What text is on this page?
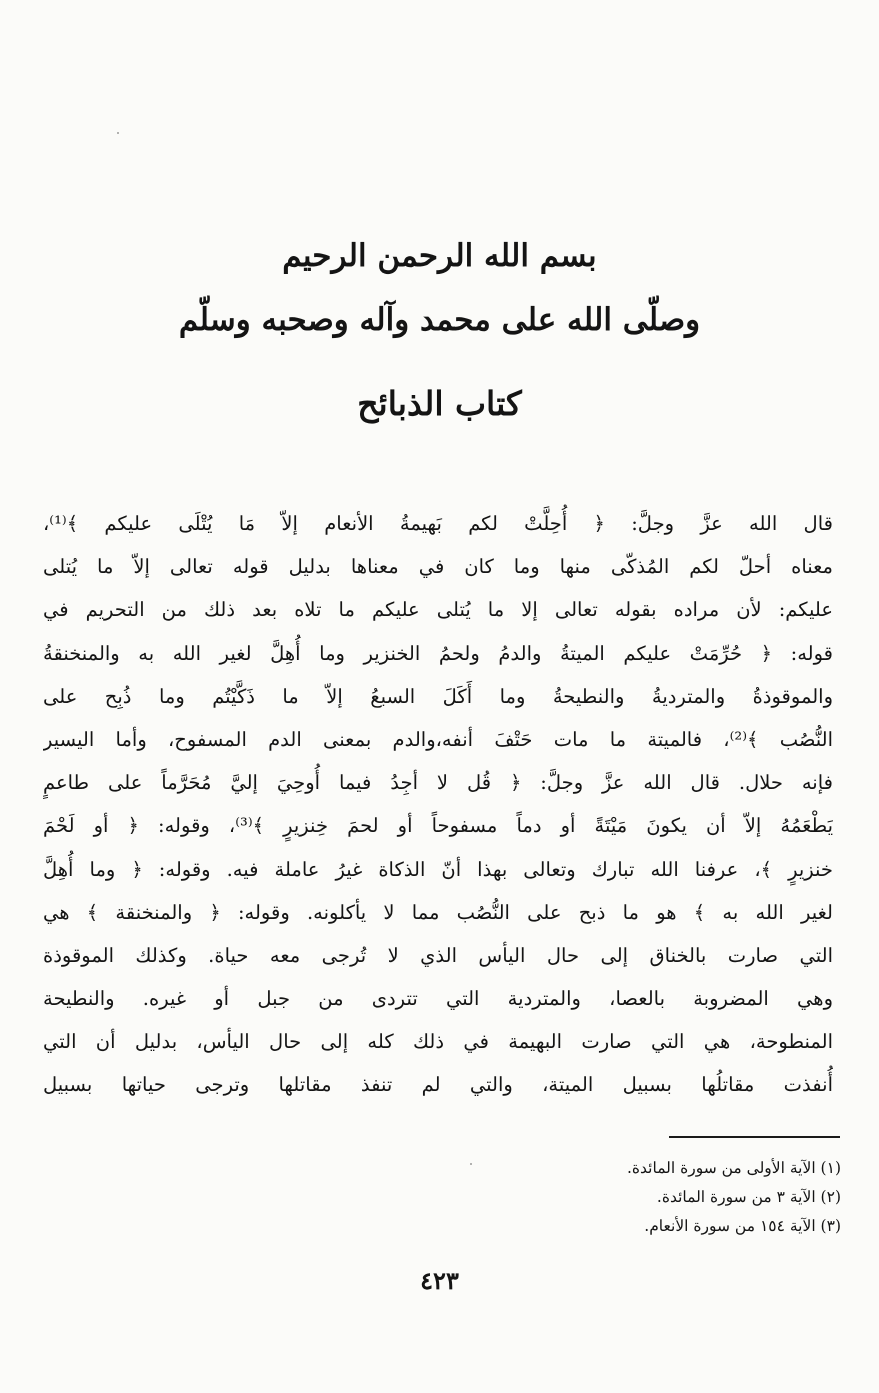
بسم الله الرحمن الرحيم
وصلّى الله على محمد وآله وصحبه وسلّم
كتاب الذبائح
قال الله عزَّ وجلَّ: ﴿ أُحِلَّتْ لكم بَهيمةُ الأنعام إلاّ مَا يُتْلَى عليكم ﴾⁽¹⁾،
معناه أحلّ لكم المُذكّى منها وما كان في معناها بدليل قوله تعالى إلاّ ما يُتلى
عليكم: لأن مراده بقوله تعالى إلا ما يُتلى عليكم ما تلاه بعد ذلك من التحريم في
قوله: ﴿ حُرِّمَتْ عليكم الميتةُ والدمُ ولحمُ الخنزير وما أُهِلَّ لغير الله به والمنخنقةُ
والموقوذةُ والمترديةُ والنطيحةُ وما أَكَلَ السبعُ إلاّ ما ذَكَّيْتُم وما ذُبِح على
النُّصُب ﴾⁽²⁾، فالميتة ما مات حَتْفَ أنفه،والدم بمعنى الدم المسفوح، وأما اليسير
فإنه حلال. قال الله عزَّ وجلَّ: ﴿ قُل لا أجِدُ فيما أُوحِيَ إليَّ مُحَرَّماً على طاعمٍ
يَطْعَمُهُ إلاّ أن يكونَ مَيْتَةً أو دماً مسفوحاً أو لحمَ خِنزيرٍ ﴾⁽³⁾، وقوله: ﴿ أو لَحْمَ
خنزيرٍ ﴾، عرفنا الله تبارك وتعالى بهذا أنّ الذكاة غيرُ عاملة فيه. وقوله: ﴿ وما أُهِلَّ
لغير الله به ﴾ هو ما ذبح على النُّصُب مما لا يأكلونه. وقوله: ﴿ والمنخنقة ﴾ هي
التي صارت بالخناق إلى حال اليأس الذي لا تُرجى معه حياة. وكذلك الموقوذة
وهي المضروبة بالعصا، والمتردية التي تتردى من جبل أو غيره. والنطيحة
المنطوحة، هي التي صارت البهيمة في ذلك كله إلى حال اليأس، بدليل أن التي
أُنفذت مقاتلُها بسبيل الميتة، والتي لم تنفذ مقاتلها وترجى حياتها بسبيل
(١) الآية الأولى من سورة المائدة.
(٢) الآية ٣ من سورة المائدة.
(٣) الآية ١٥٤ من سورة الأنعام.
٤٢٣
